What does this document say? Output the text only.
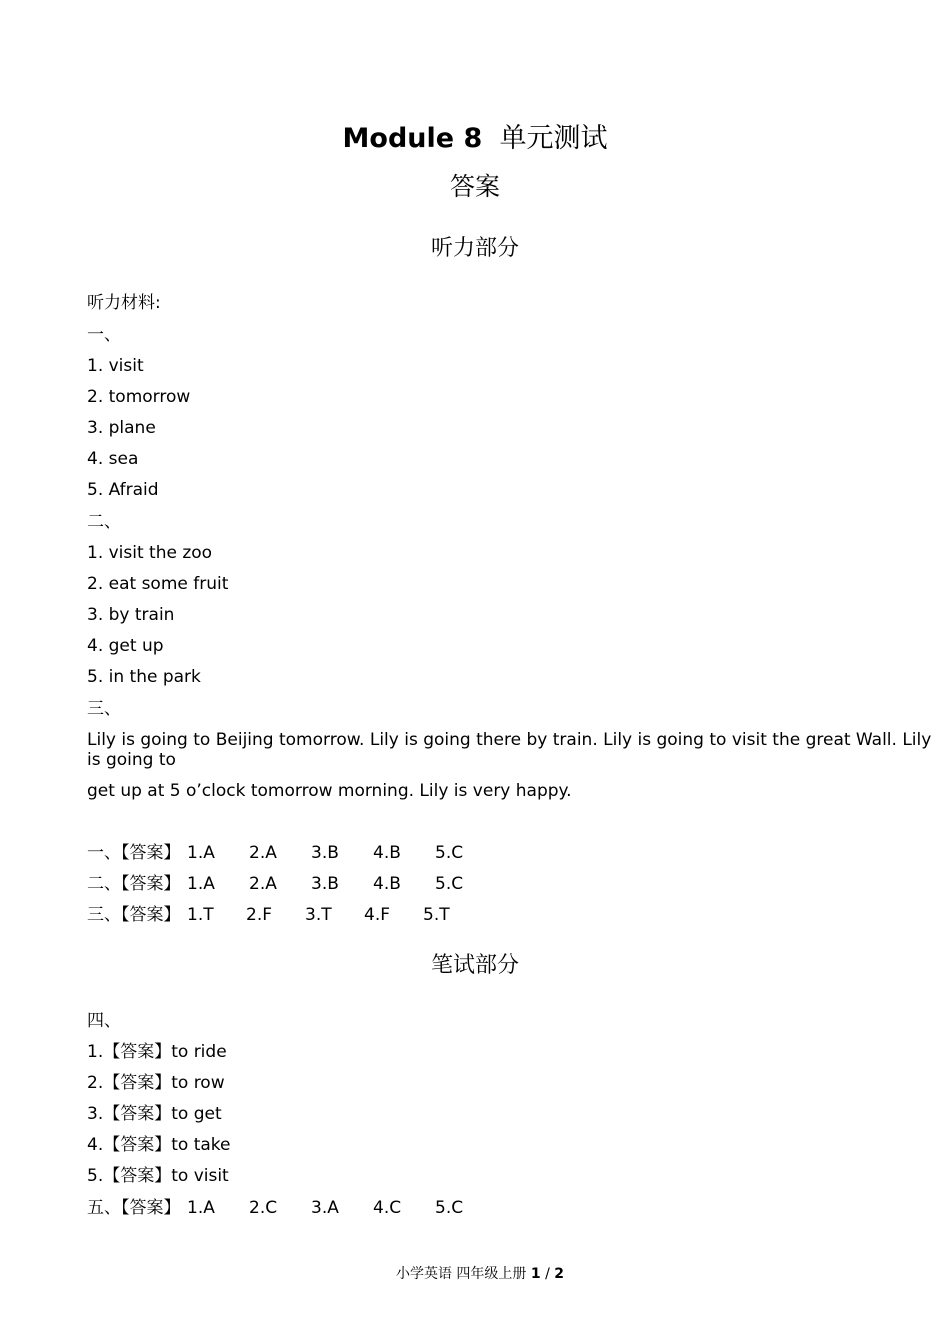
Module 8 单元测试
答案
听力部分
听力材料:
一、
1. visit
2. tomorrow
3. plane
4. sea
5. Afraid
二、
1. visit the zoo
2. eat some fruit
3. by train
4. get up
5. in the park
三、
Lily is going to Beijing tomorrow. Lily is going there by train. Lily is going to visit the great Wall. Lily is going to
get up at 5 o’clock tomorrow morning. Lily is very happy.
一、【答案】 1.A 2.A 3.B 4.B 5.C
二、【答案】 1.A 2.A 3.B 4.B 5.C
三、【答案】 1.T 2.F 3.T 4.F 5.T
笔试部分
四、
1.【答案】to ride
2.【答案】to row
3.【答案】to get
4.【答案】to take
5.【答案】to visit
五、【答案】 1.A 2.C 3.A 4.C 5.C
小学英语 四年级上册 1 / 2
